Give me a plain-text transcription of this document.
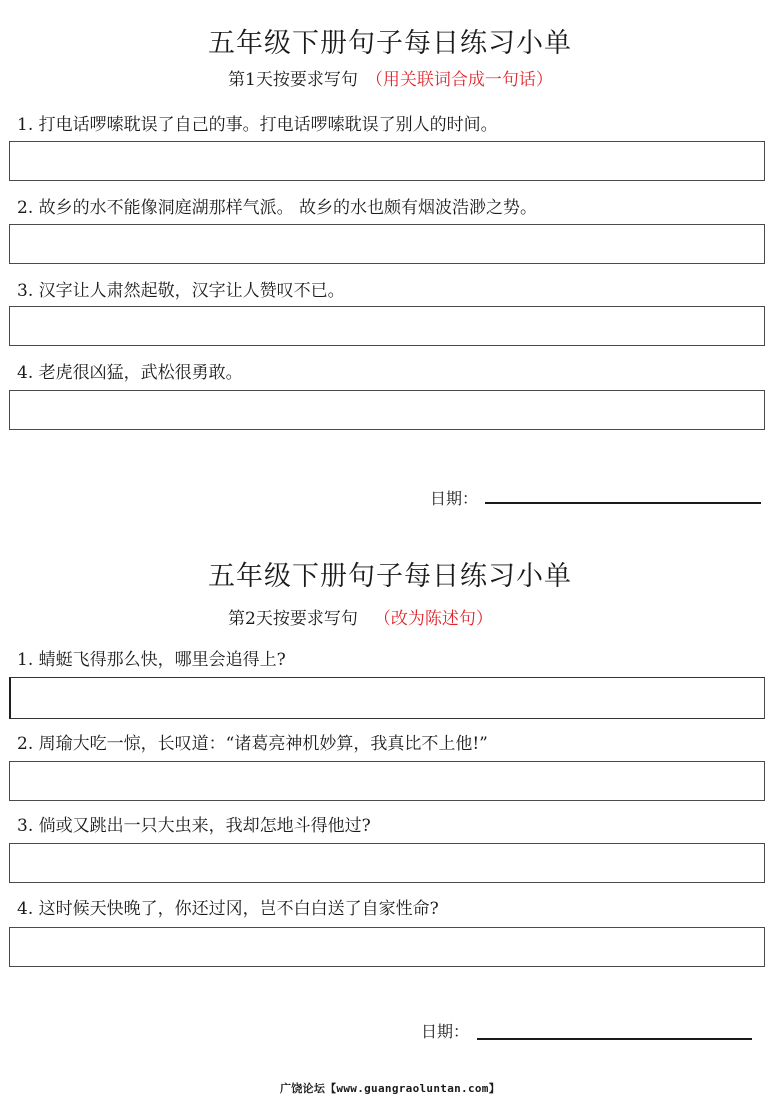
五年级下册句子每日练习小单
第1天按要求写句 （用关联词合成一句话）
1. 打电话啰嗦耽误了自己的事。打电话啰嗦耽误了别人的时间。
2. 故乡的水不能像洞庭湖那样气派。 故乡的水也颇有烟波浩渺之势。
3. 汉字让人肃然起敬，汉字让人赞叹不已。
4. 老虎很凶猛，武松很勇敢。
日期：
五年级下册句子每日练习小单
第2天按要求写句 （改为陈述句）
1. 蜻蜓飞得那么快，哪里会追得上?
2. 周瑜大吃一惊，长叹道：“诸葛亮神机妙算，我真比不上他!”
3. 倘或又跳出一只大虫来，我却怎地斗得他过?
4. 这时候天快晚了，你还过冈，岂不白白送了自家性命?
日期：
广饶论坛【www.guangraoluntan.com】
